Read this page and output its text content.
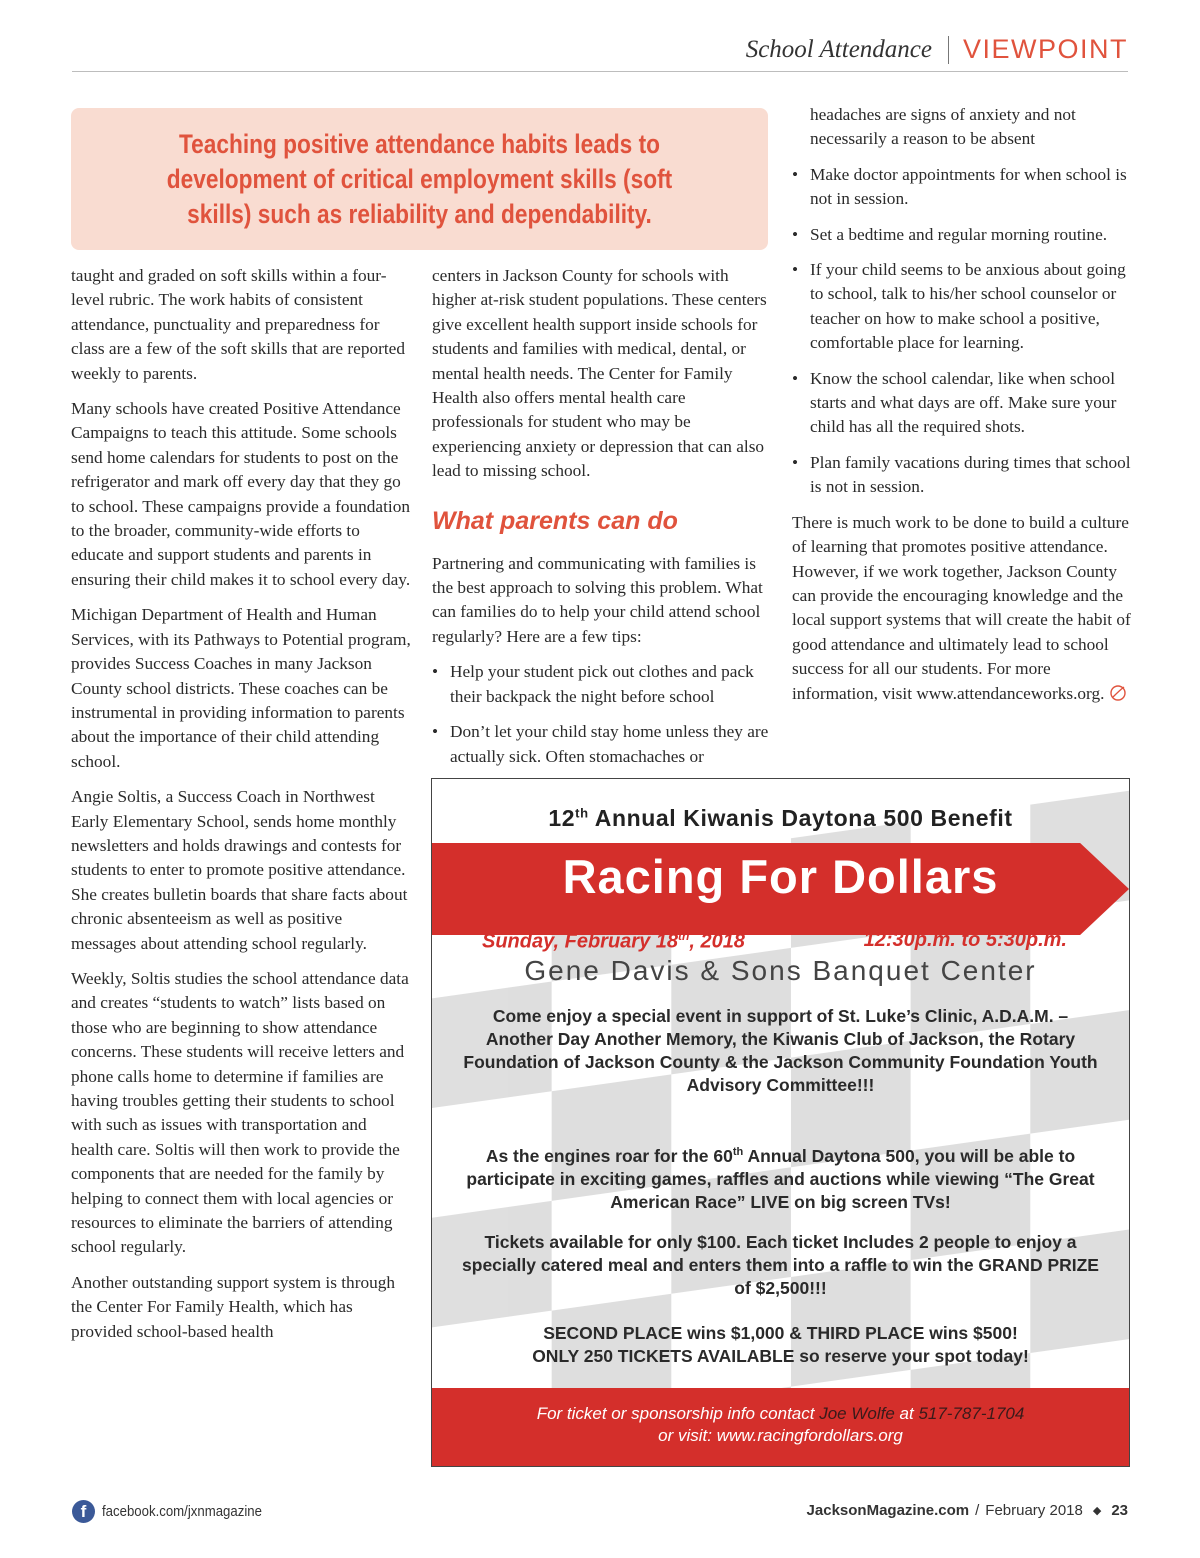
School Attendance VIEWPOINT

Teaching positive attendance habits leads to development of critical employment skills (soft skills) such as reliability and dependability.

taught and graded on soft skills within a four-level rubric. The work habits of consistent attendance, punctuality and preparedness for class are a few of the soft skills that are reported weekly to parents.

Many schools have created Positive Attendance Campaigns to teach this attitude. Some schools send home calendars for students to post on the refrigerator and mark off every day that they go to school. These campaigns provide a foundation to the broader, community-wide efforts to educate and support students and parents in ensuring their child makes it to school every day.

Michigan Department of Health and Human Services, with its Pathways to Potential program, provides Success Coaches in many Jackson County school districts. These coaches can be instrumental in providing information to parents about the importance of their child attending school.

Angie Soltis, a Success Coach in Northwest Early Elementary School, sends home monthly newsletters and holds drawings and contests for students to enter to promote positive attendance. She creates bulletin boards that share facts about chronic absenteeism as well as positive messages about attending school regularly.

Weekly, Soltis studies the school attendance data and creates “students to watch” lists based on those who are beginning to show attendance concerns. These students will receive letters and phone calls home to determine if families are having troubles getting their students to school with such as issues with transportation and health care. Soltis will then work to provide the components that are needed for the family by helping to connect them with local agencies or resources to eliminate the barriers of attending school regularly.

Another outstanding support system is through the Center For Family Health, which has provided school-based health

centers in Jackson County for schools with higher at-risk student populations. These centers give excellent health support inside schools for students and families with medical, dental, or mental health needs. The Center for Family Health also offers mental health care professionals for student who may be experiencing anxiety or depression that can also lead to missing school.

What parents can do

Partnering and communicating with families is the best approach to solving this problem. What can families do to help your child attend school regularly? Here are a few tips:

• Help your student pick out clothes and pack their backpack the night before school
• Don’t let your child stay home unless they are actually sick. Often stomachaches or

headaches are signs of anxiety and not necessarily a reason to be absent

• Make doctor appointments for when school is not in session.
• Set a bedtime and regular morning routine.
• If your child seems to be anxious about going to school, talk to his/her school counselor or teacher on how to make school a positive, comfortable place for learning.
• Know the school calendar, like when school starts and what days are off. Make sure your child has all the required shots.
• Plan family vacations during times that school is not in session.

There is much work to be done to build a culture of learning that promotes positive attendance. However, if we work together, Jackson County can provide the encouraging knowledge and the local support systems that will create the habit of good attendance and ultimately lead to school success for all our students. For more information, visit www.attendanceworks.org.

12th Annual Kiwanis Daytona 500 Benefit
Racing For Dollars
Sunday, February 18th, 2018	12:30p.m. to 5:30p.m.
Gene Davis & Sons Banquet Center
Come enjoy a special event in support of St. Luke’s Clinic, A.D.A.M. – Another Day Another Memory, the Kiwanis Club of Jackson, the Rotary Foundation of Jackson County & the Jackson Community Foundation Youth Advisory Committee!!!
As the engines roar for the 60th Annual Daytona 500, you will be able to participate in exciting games, raffles and auctions while viewing “The Great American Race” LIVE on big screen TVs!
Tickets available for only $100. Each ticket Includes 2 people to enjoy a specially catered meal and enters them into a raffle to win the GRAND PRIZE of $2,500!!!
SECOND PLACE wins $1,000 & THIRD PLACE wins $500!
ONLY 250 TICKETS AVAILABLE so reserve your spot today!
For ticket or sponsorship info contact Joe Wolfe at 517-787-1704
or visit: www.racingfordollars.org
f	facebook.com/jxnmagazine	JacksonMagazine.com / February 2018 ◆ 23
